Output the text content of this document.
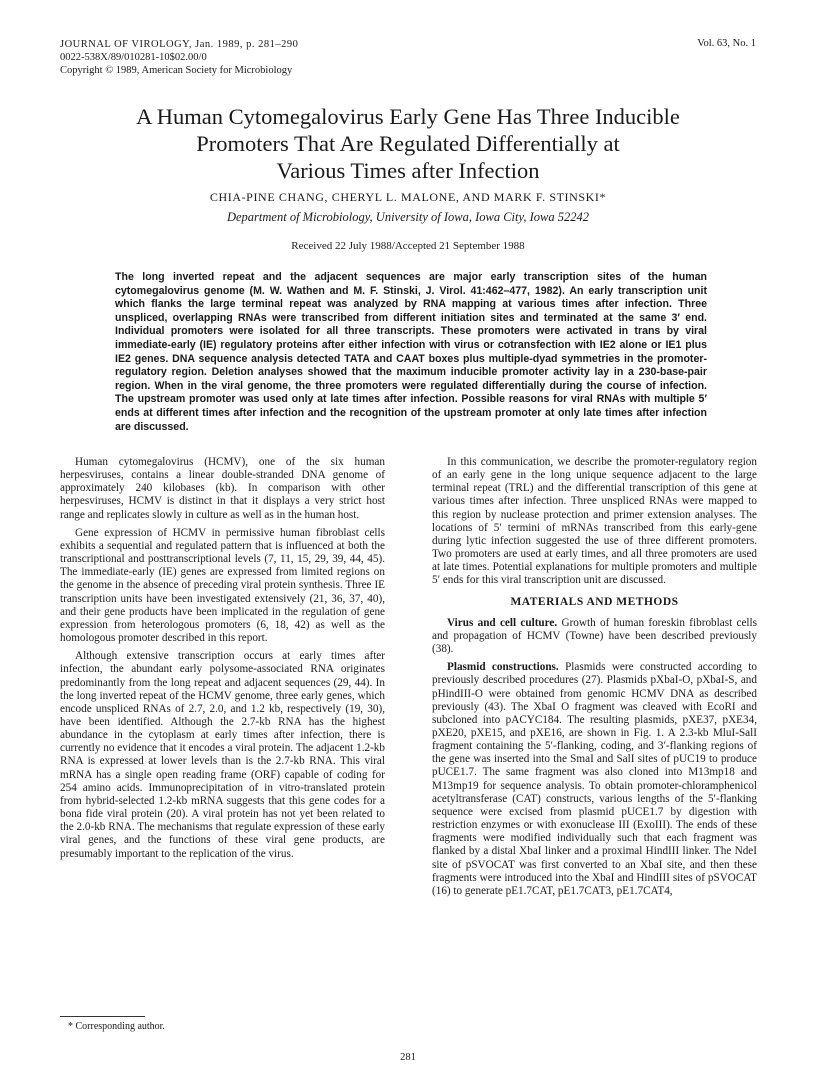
JOURNAL OF VIROLOGY, Jan. 1989, p. 281–290
0022-538X/89/010281-10$02.00/0
Copyright © 1989, American Society for Microbiology
Vol. 63, No. 1
A Human Cytomegalovirus Early Gene Has Three Inducible
Promoters That Are Regulated Differentially at
Various Times after Infection
CHIA-PINE CHANG, CHERYL L. MALONE, AND MARK F. STINSKI*
Department of Microbiology, University of Iowa, Iowa City, Iowa 52242
Received 22 July 1988/Accepted 21 September 1988
The long inverted repeat and the adjacent sequences are major early transcription sites of the human cytomegalovirus genome (M. W. Wathen and M. F. Stinski, J. Virol. 41:462–477, 1982). An early transcription unit which flanks the large terminal repeat was analyzed by RNA mapping at various times after infection. Three unspliced, overlapping RNAs were transcribed from different initiation sites and terminated at the same 3′ end. Individual promoters were isolated for all three transcripts. These promoters were activated in trans by viral immediate-early (IE) regulatory proteins after either infection with virus or cotransfection with IE2 alone or IE1 plus IE2 genes. DNA sequence analysis detected TATA and CAAT boxes plus multiple-dyad symmetries in the promoter-regulatory region. Deletion analyses showed that the maximum inducible promoter activity lay in a 230-base-pair region. When in the viral genome, the three promoters were regulated differentially during the course of infection. The upstream promoter was used only at late times after infection. Possible reasons for viral RNAs with multiple 5′ ends at different times after infection and the recognition of the upstream promoter at only late times after infection are discussed.

Human cytomegalovirus (HCMV), one of the six human herpesviruses, contains a linear double-stranded DNA genome of approximately 240 kilobases (kb). In comparison with other herpesviruses, HCMV is distinct in that it displays a very strict host range and replicates slowly in culture as well as in the human host.

Gene expression of HCMV in permissive human fibroblast cells exhibits a sequential and regulated pattern that is influenced at both the transcriptional and posttranscriptional levels (7, 11, 15, 29, 39, 44, 45). The immediate-early (IE) genes are expressed from limited regions on the genome in the absence of preceding viral protein synthesis. Three IE transcription units have been investigated extensively (21, 36, 37, 40), and their gene products have been implicated in the regulation of gene expression from heterologous promoters (6, 18, 42) as well as the homologous promoter described in this report.

Although extensive transcription occurs at early times after infection, the abundant early polysome-associated RNA originates predominantly from the long repeat and adjacent sequences (29, 44). In the long inverted repeat of the HCMV genome, three early genes, which encode unspliced RNAs of 2.7, 2.0, and 1.2 kb, respectively (19, 30), have been identified. Although the 2.7-kb RNA has the highest abundance in the cytoplasm at early times after infection, there is currently no evidence that it encodes a viral protein. The adjacent 1.2-kb RNA is expressed at lower levels than is the 2.7-kb RNA. This viral mRNA has a single open reading frame (ORF) capable of coding for 254 amino acids. Immunoprecipitation of in vitro-translated protein from hybrid-selected 1.2-kb mRNA suggests that this gene codes for a bona fide viral protein (20). A viral protein has not yet been related to the 2.0-kb RNA. The mechanisms that regulate expression of these early viral genes, and the functions of these viral gene products, are presumably important to the replication of the virus.

In this communication, we describe the promoter-regulatory region of an early gene in the long unique sequence adjacent to the large terminal repeat (TRL) and the differential transcription of this gene at various times after infection. Three unspliced RNAs were mapped to this region by nuclease protection and primer extension analyses. The locations of 5′ termini of mRNAs transcribed from this early-gene during lytic infection suggested the use of three different promoters. Two promoters are used at early times, and all three promoters are used at late times. Potential explanations for multiple promoters and multiple 5′ ends for this viral transcription unit are discussed.

MATERIALS AND METHODS

Virus and cell culture. Growth of human foreskin fibroblast cells and propagation of HCMV (Towne) have been described previously (38).

Plasmid constructions. Plasmids were constructed according to previously described procedures (27). Plasmids pXbaI-O, pXbaI-S, and pHindIII-O were obtained from genomic HCMV DNA as described previously (43). The XbaI O fragment was cleaved with EcoRI and subcloned into pACYC184. The resulting plasmids, pXE37, pXE34, pXE20, pXE15, and pXE16, are shown in Fig. 1. A 2.3-kb MluI-SalI fragment containing the 5′-flanking, coding, and 3′-flanking regions of the gene was inserted into the SmaI and SalI sites of pUC19 to produce pUCE1.7. The same fragment was also cloned into M13mp18 and M13mp19 for sequence analysis. To obtain promoter-chloramphenicol acetyltransferase (CAT) constructs, various lengths of the 5′-flanking sequence were excised from plasmid pUCE1.7 by digestion with restriction enzymes or with exonuclease III (ExoIII). The ends of these fragments were modified individually such that each fragment was flanked by a distal XbaI linker and a proximal HindIII linker. The NdeI site of pSVOCAT was first converted to an XbaI site, and then these fragments were introduced into the XbaI and HindIII sites of pSVOCAT (16) to generate pE1.7CAT, pE1.7CAT3, pE1.7CAT4,

* Corresponding author.
281
